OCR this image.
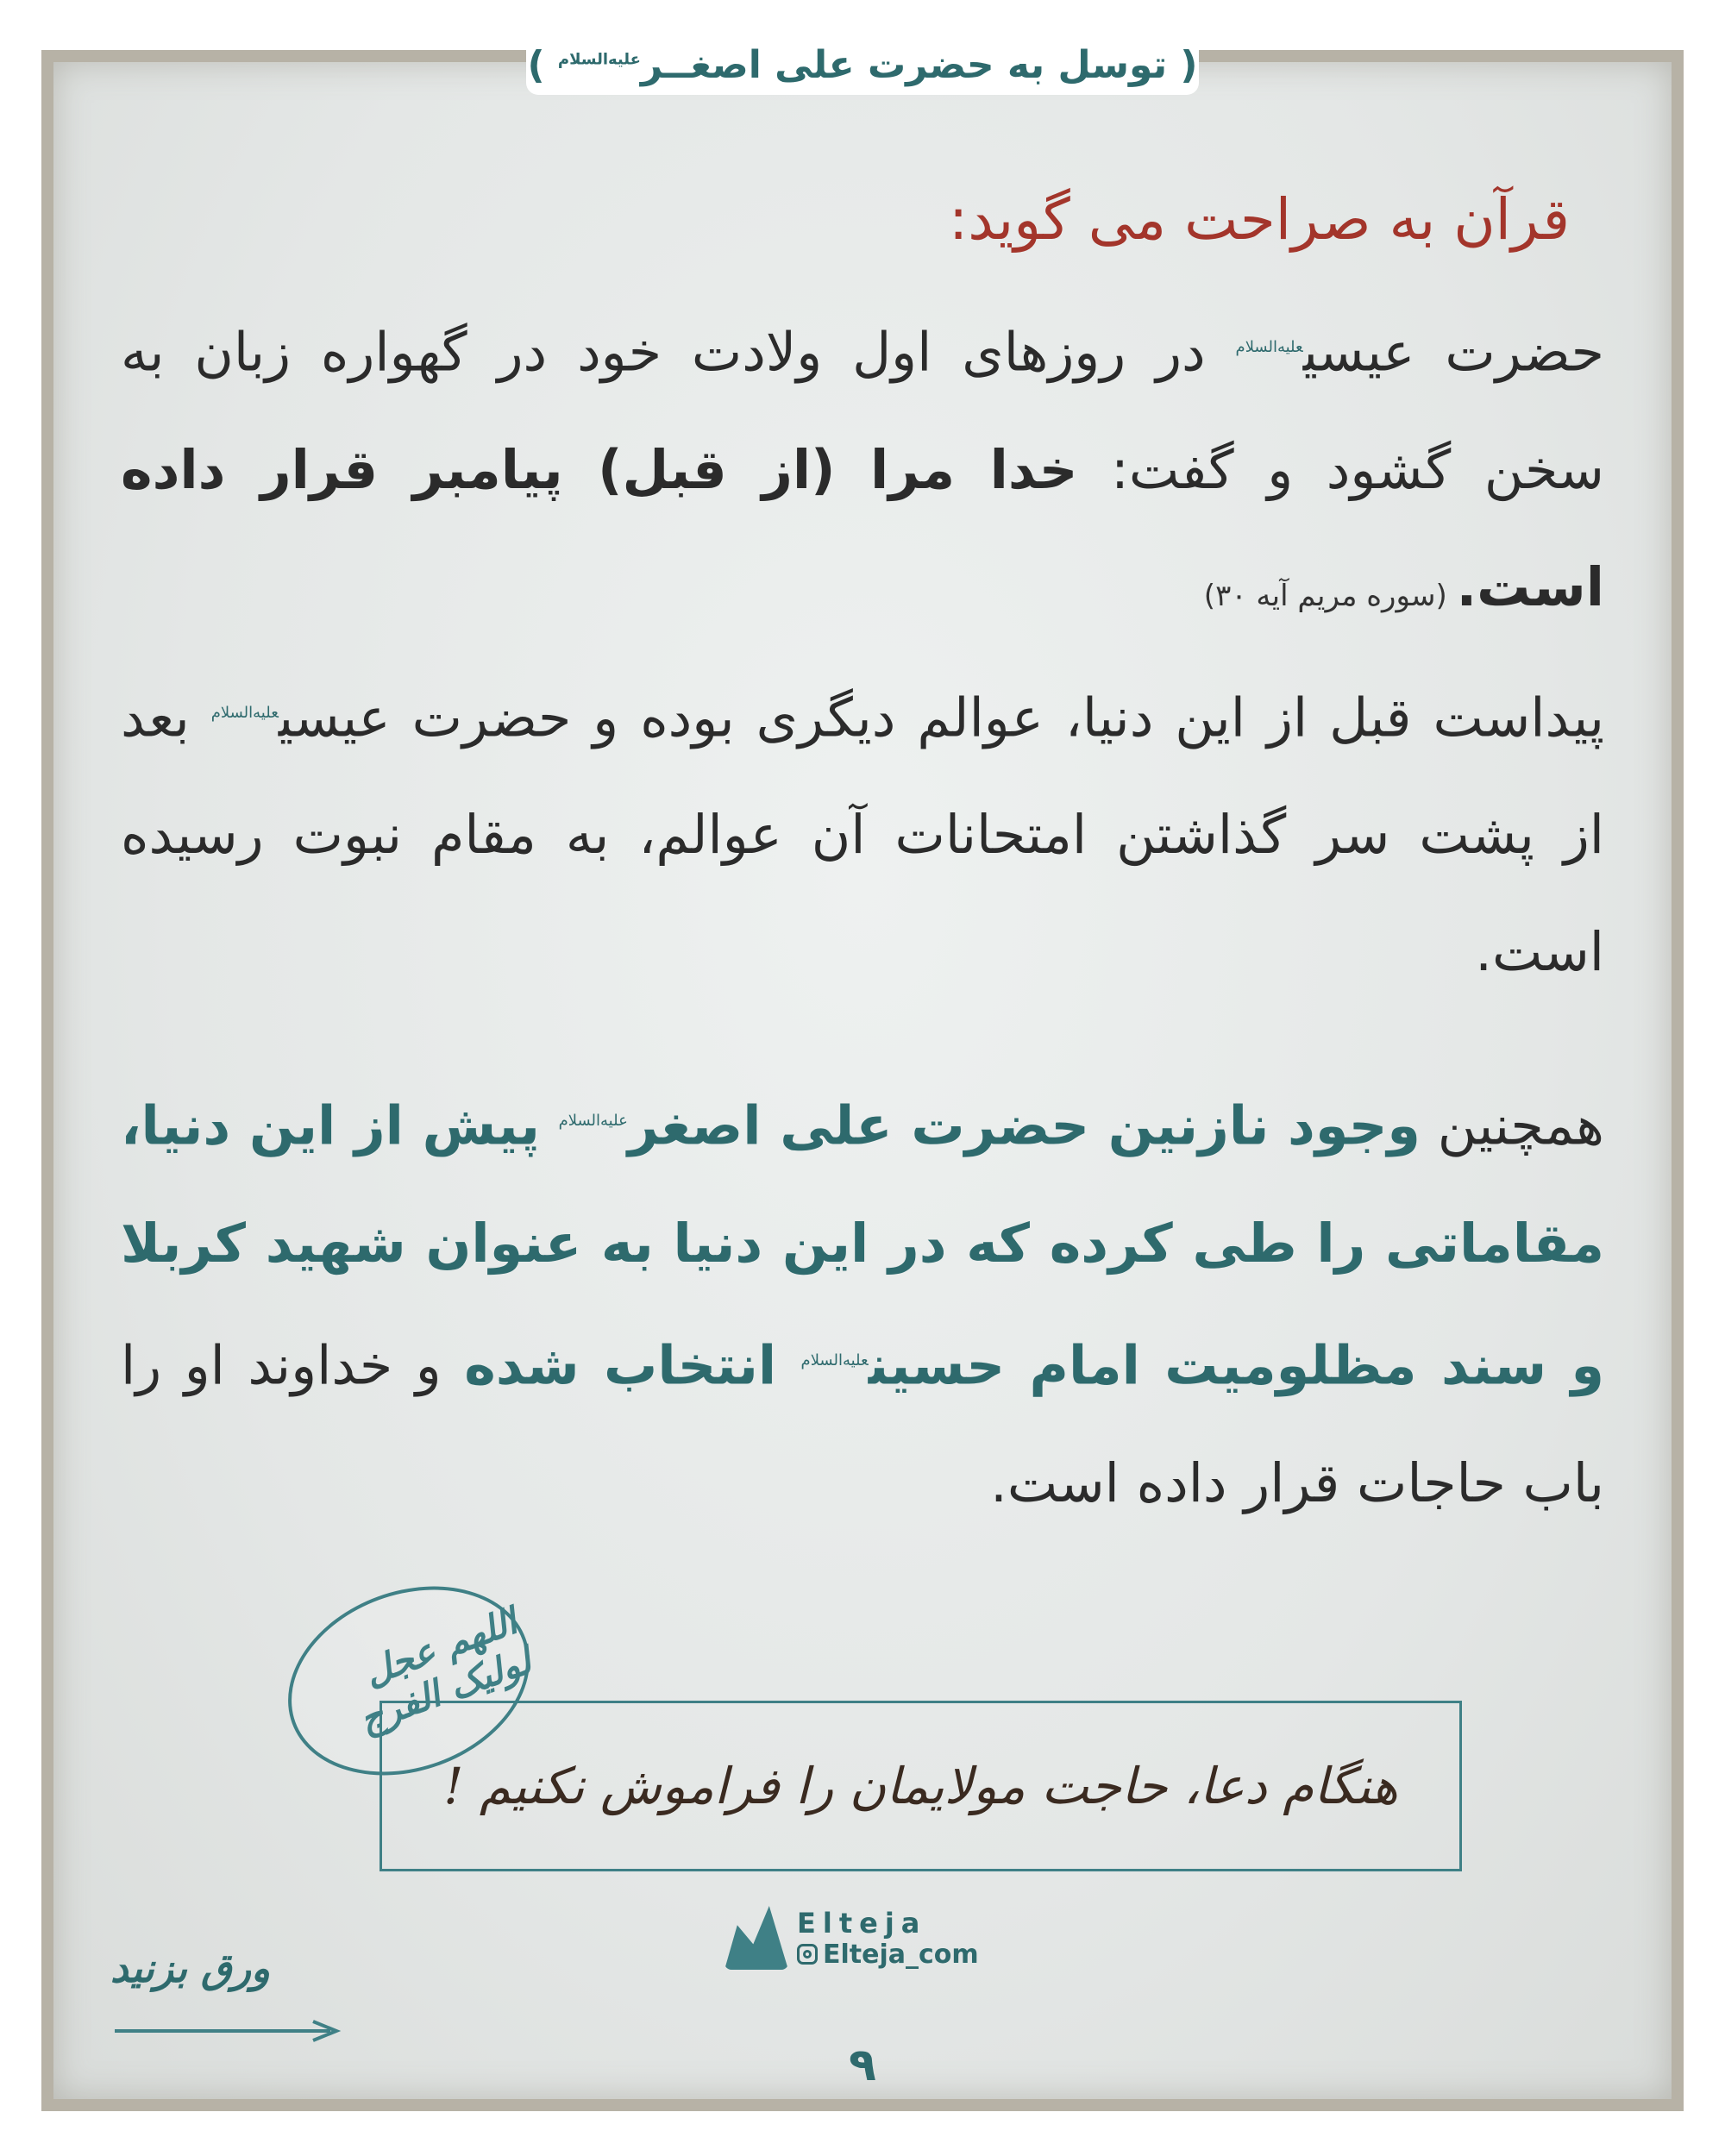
( توسل به حضرت علی اصغــر$^{علیه‌السلام}$ )
قرآن به صراحت می گوید:

حضرت عیسی$^{علیه‌السلام}$ در روزهای اول ولادت خود در گهواره زبان به سخن گشود و گفت: خدا مرا (از قبل) پیامبر قرار داده است. (سوره مریم آیه ۳۰)

پیداست قبل از این دنیا، عوالم دیگری بوده و حضرت عیسی$^{علیه‌السلام}$ بعد از پشت سر گذاشتن امتحانات آن عوالم، به مقام نبوت رسیده است.

همچنین وجود نازنین حضرت علی اصغر$^{علیه‌السلام}$ پیش از این دنیا، مقاماتی را طی کرده که در این دنیا به عنوان شهید کربلا و سند مظلومیت امام حسین$^{علیه‌السلام}$ انتخاب شده و خداوند او را باب حاجات قرار داده است.

اللهم عجل لولیک الفرج
هنگام دعا، حاجت مولایمان را فراموش نکنیم !
Elteja
Elteja_com
ورق بزنید
۹
